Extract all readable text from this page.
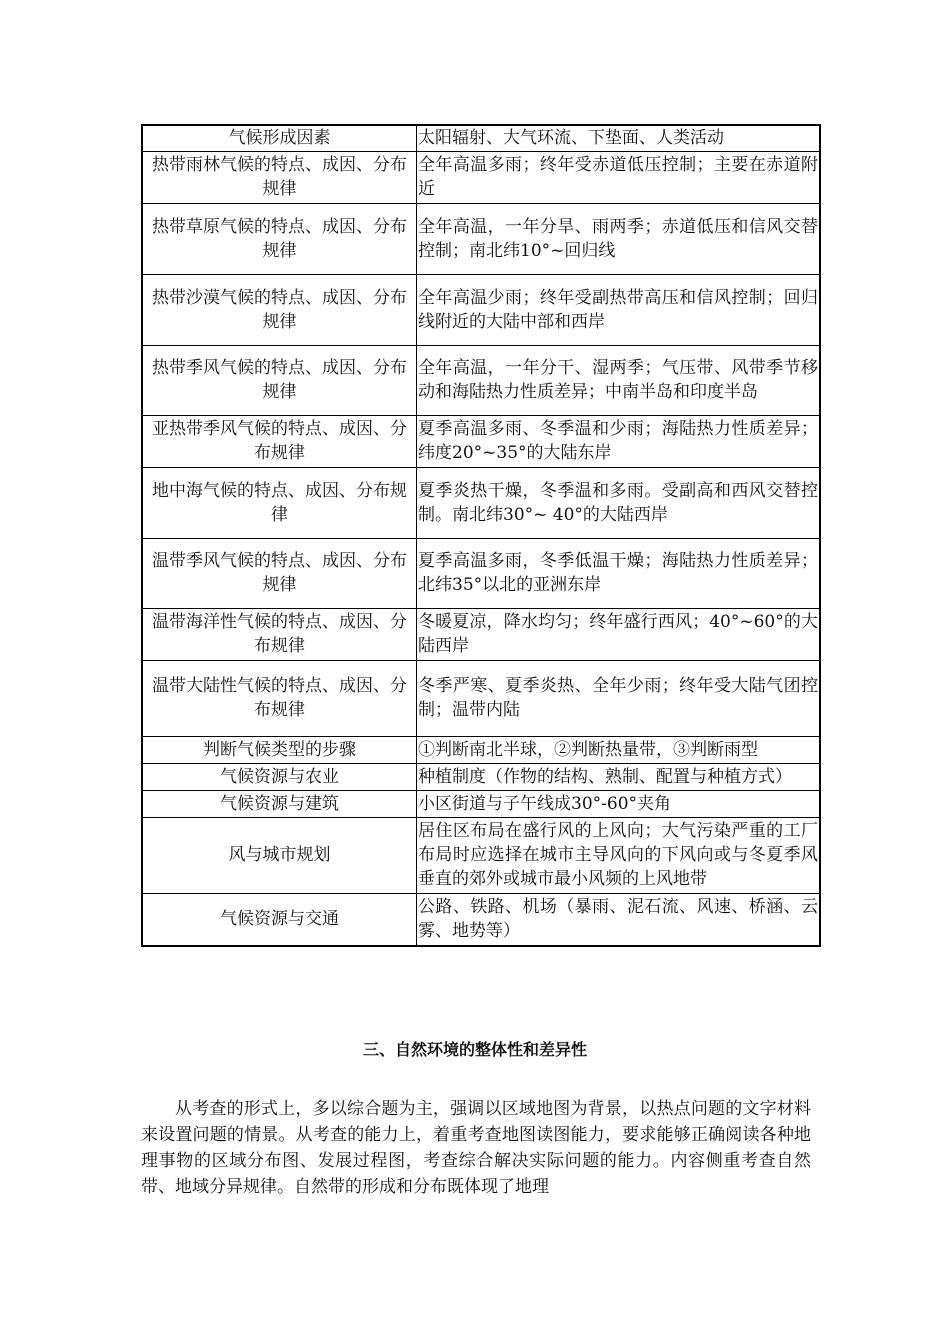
气候形成因素	太阳辐射、大气环流、下垫面、人类活动
热带雨林气候的特点、成因、分布规律	全年高温多雨；终年受赤道低压控制；主要在赤道附近
热带草原气候的特点、成因、分布规律	全年高温，一年分旱、雨两季；赤道低压和信风交替控制；南北纬10°~回归线
热带沙漠气候的特点、成因、分布规律	全年高温少雨；终年受副热带高压和信风控制；回归线附近的大陆中部和西岸
热带季风气候的特点、成因、分布规律	全年高温，一年分干、湿两季；气压带、风带季节移动和海陆热力性质差异；中南半岛和印度半岛
亚热带季风气候的特点、成因、分布规律	夏季高温多雨、冬季温和少雨；海陆热力性质差异；纬度20°~35°的大陆东岸
地中海气候的特点、成因、分布规律	夏季炎热干燥，冬季温和多雨。受副高和西风交替控制。南北纬30°~ 40°的大陆西岸
温带季风气候的特点、成因、分布规律	夏季高温多雨，冬季低温干燥；海陆热力性质差异；北纬35°以北的亚洲东岸
温带海洋性气候的特点、成因、分布规律	冬暖夏凉，降水均匀；终年盛行西风；40°~60°的大陆西岸
温带大陆性气候的特点、成因、分布规律	冬季严寒、夏季炎热、全年少雨；终年受大陆气团控制；温带内陆
判断气候类型的步骤	①判断南北半球，②判断热量带，③判断雨型
气候资源与农业	种植制度（作物的结构、熟制、配置与种植方式）
气候资源与建筑	小区街道与子午线成30°-60°夹角
风与城市规划	居住区布局在盛行风的上风向；大气污染严重的工厂布局时应选择在城市主导风向的下风向或与冬夏季风垂直的郊外或城市最小风频的上风地带
气候资源与交通	公路、铁路、机场（暴雨、泥石流、风速、桥涵、云雾、地势等）
三、自然环境的整体性和差异性

从考查的形式上，多以综合题为主，强调以区域地图为背景，以热点问题的文字材料来设置问题的情景。从考查的能力上，着重考查地图读图能力，要求能够正确阅读各种地理事物的区域分布图、发展过程图，考查综合解决实际问题的能力。内容侧重考查自然带、地域分异规律。自然带的形成和分布既体现了地理
